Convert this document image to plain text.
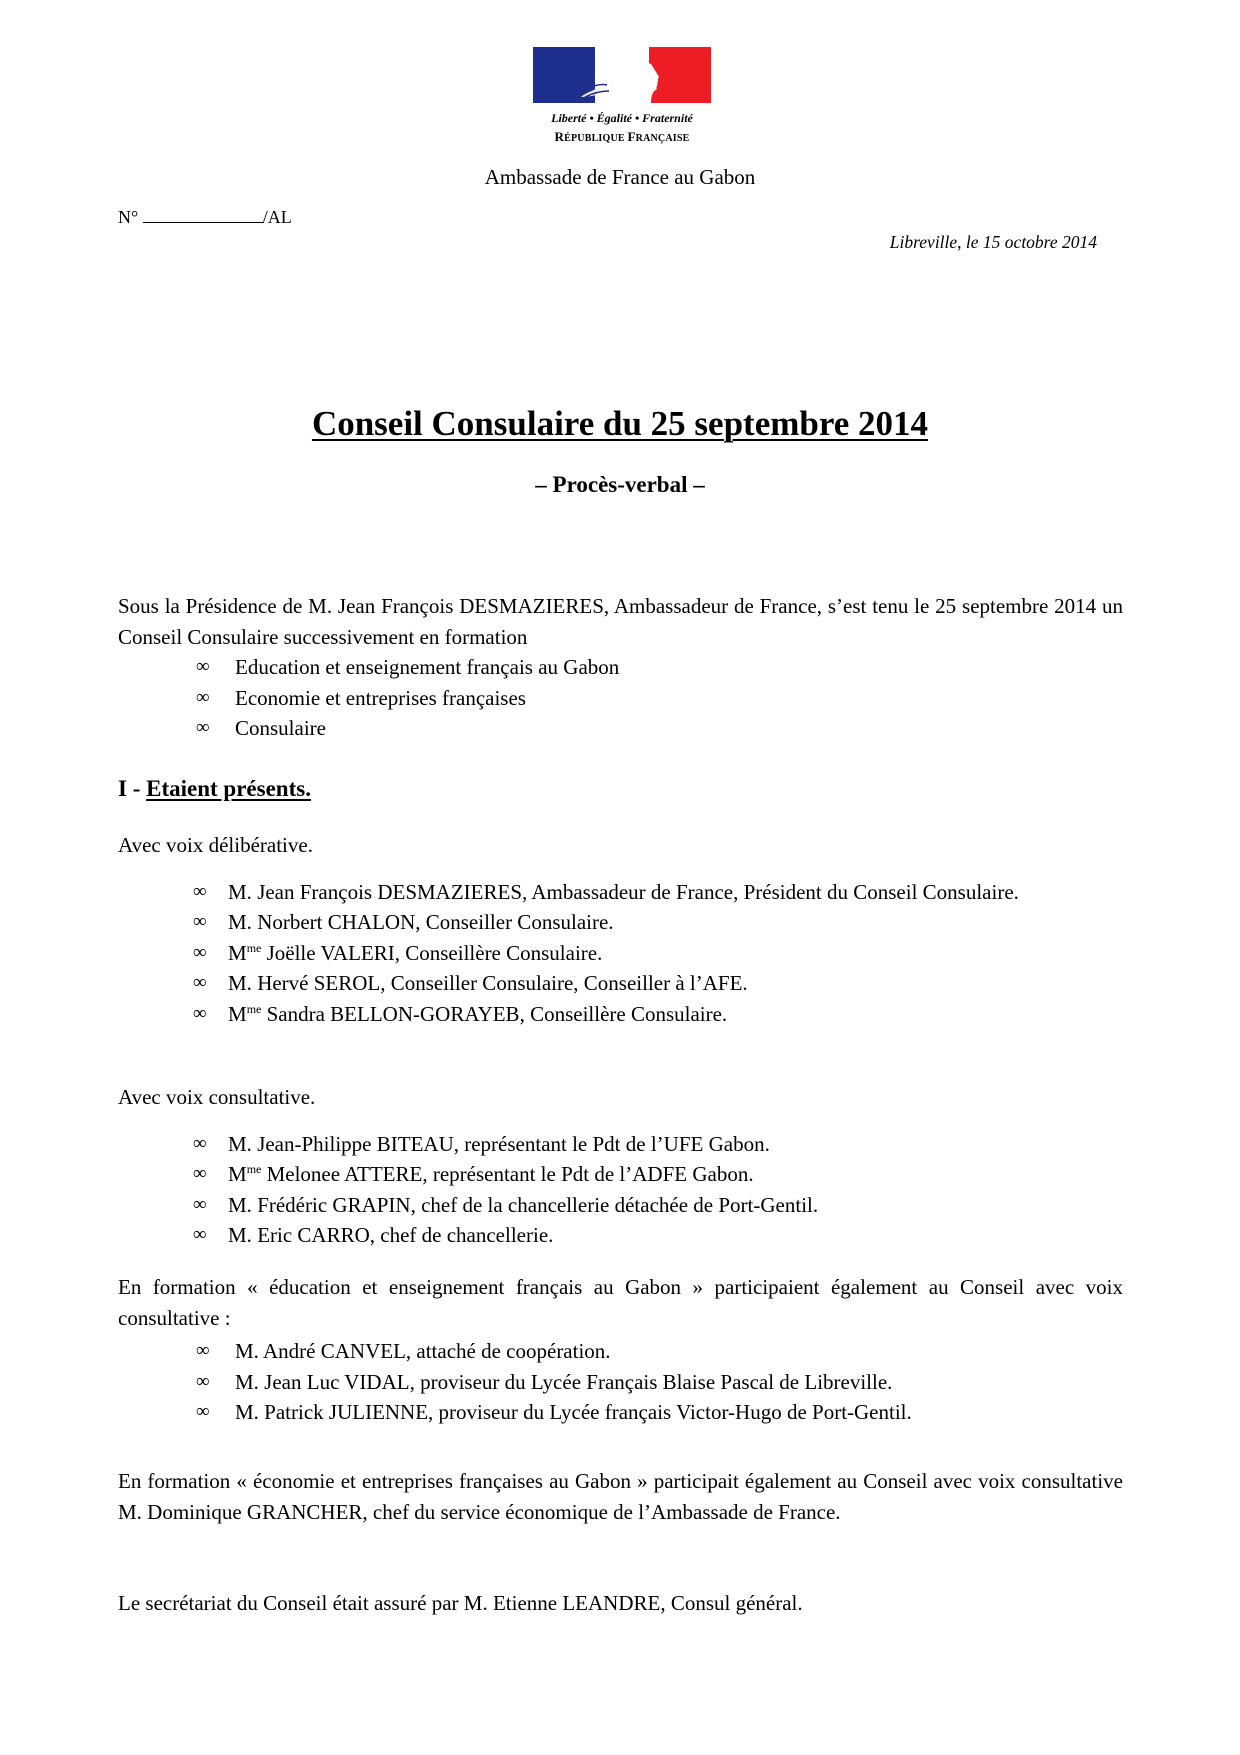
Liberté • Égalité • Fraternité
RÉPUBLIQUE FRANÇAISE
Ambassade de France au Gabon
N°	/AL
Libreville, le 15 octobre 2014
Conseil Consulaire du 25 septembre 2014
– Procès-verbal –
Sous la Présidence de M. Jean François DESMAZIERES, Ambassadeur de France, s’est tenu le 25 septembre 2014 un Conseil Consulaire successivement en formation
∞ Education et enseignement français au Gabon
∞ Economie et entreprises françaises
∞ Consulaire
I - Etaient présents.
Avec voix délibérative.
∞ M. Jean François DESMAZIERES, Ambassadeur de France, Président du Conseil Consulaire.
∞ M. Norbert CHALON, Conseiller Consulaire.
∞ $M^{me}$ Joëlle VALERI, Conseillère Consulaire.
∞ M. Hervé SEROL, Conseiller Consulaire, Conseiller à l’AFE.
∞ $M^{me}$ Sandra BELLON-GORAYEB, Conseillère Consulaire.
Avec voix consultative.
∞ M. Jean-Philippe BITEAU, représentant le Pdt de l’UFE Gabon.
∞ $M^{me}$ Melonee ATTERE, représentant le Pdt de l’ADFE Gabon.
∞ M. Frédéric GRAPIN, chef de la chancellerie détachée de Port-Gentil.
∞ M. Eric CARRO, chef de chancellerie.
En formation « éducation et enseignement français au Gabon » participaient également au Conseil avec voix consultative :
∞ M. André CANVEL, attaché de coopération.
∞ M. Jean Luc VIDAL, proviseur du Lycée Français Blaise Pascal de Libreville.
∞ M. Patrick JULIENNE, proviseur du Lycée français Victor-Hugo de Port-Gentil.
En formation « économie et entreprises françaises au Gabon » participait également au Conseil avec voix consultative M. Dominique GRANCHER, chef du service économique de l’Ambassade de France.
Le secrétariat du Conseil était assuré par M. Etienne LEANDRE, Consul général.
